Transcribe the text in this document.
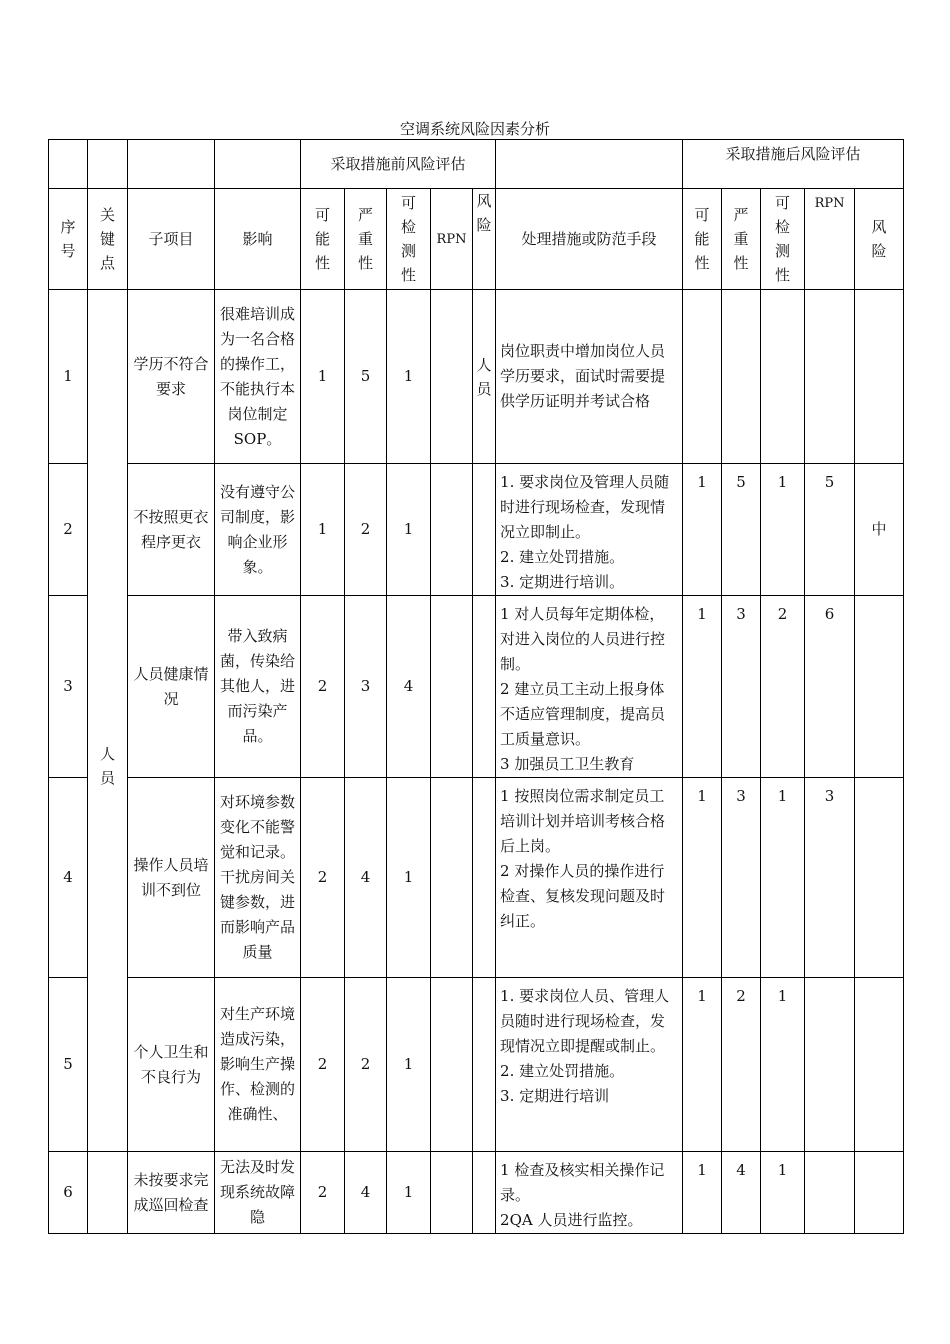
空调系统风险因素分析
				采取措施前风险评估						采取措施后风险评估				

序号	关键点	子项目	影响	可能性	严重性	可检测性	RPN	风险	处理措施或防范手段	可能性	严重性	可检测性	RPN	风险

1	人员	学历不符合要求	很难培训成为一名合格的操作工，不能执行本岗位制定SOP。	1	5	1		人员	岗位职责中增加岗位人员学历要求，面试时需要提供学历证明并考试合格					

2		不按照更衣程序更衣	没有遵守公司制度，影响企业形象。	1	2	1			1. 要求岗位及管理人员随时进行现场检查，发现情况立即制止。
2. 建立处罚措施。
3. 定期进行培训。	1	5	1	5	中
3		人员健康情况	带入致病菌，传染给其他人，进而污染产品。	2	3	4			1 对人员每年定期体检，对进入岗位的人员进行控制。
2 建立员工主动上报身体不适应管理制度，提高员工质量意识。
3 加强员工卫生教育	1	3	2	6	
4		操作人员培训不到位	对环境参数变化不能警觉和记录。干扰房间关键参数，进而影响产品质量	2	4	1			1 按照岗位需求制定员工培训计划并培训考核合格后上岗。
2 对操作人员的操作进行检查、复核发现问题及时纠正。	1	3	1	3	
5		个人卫生和不良行为	对生产环境造成污染，影响生产操作、检测的准确性、	2	2	1			1. 要求岗位人员、管理人员随时进行现场检查，发现情况立即提醒或制止。
2. 建立处罚措施。
3. 定期进行培训	1	2	1		
6		未按要求完成巡回检查	无法及时发现系统故障隐	2	4	1			1 检查及核实相关操作记录。
2QA 人员进行监控。	1	4	1		
